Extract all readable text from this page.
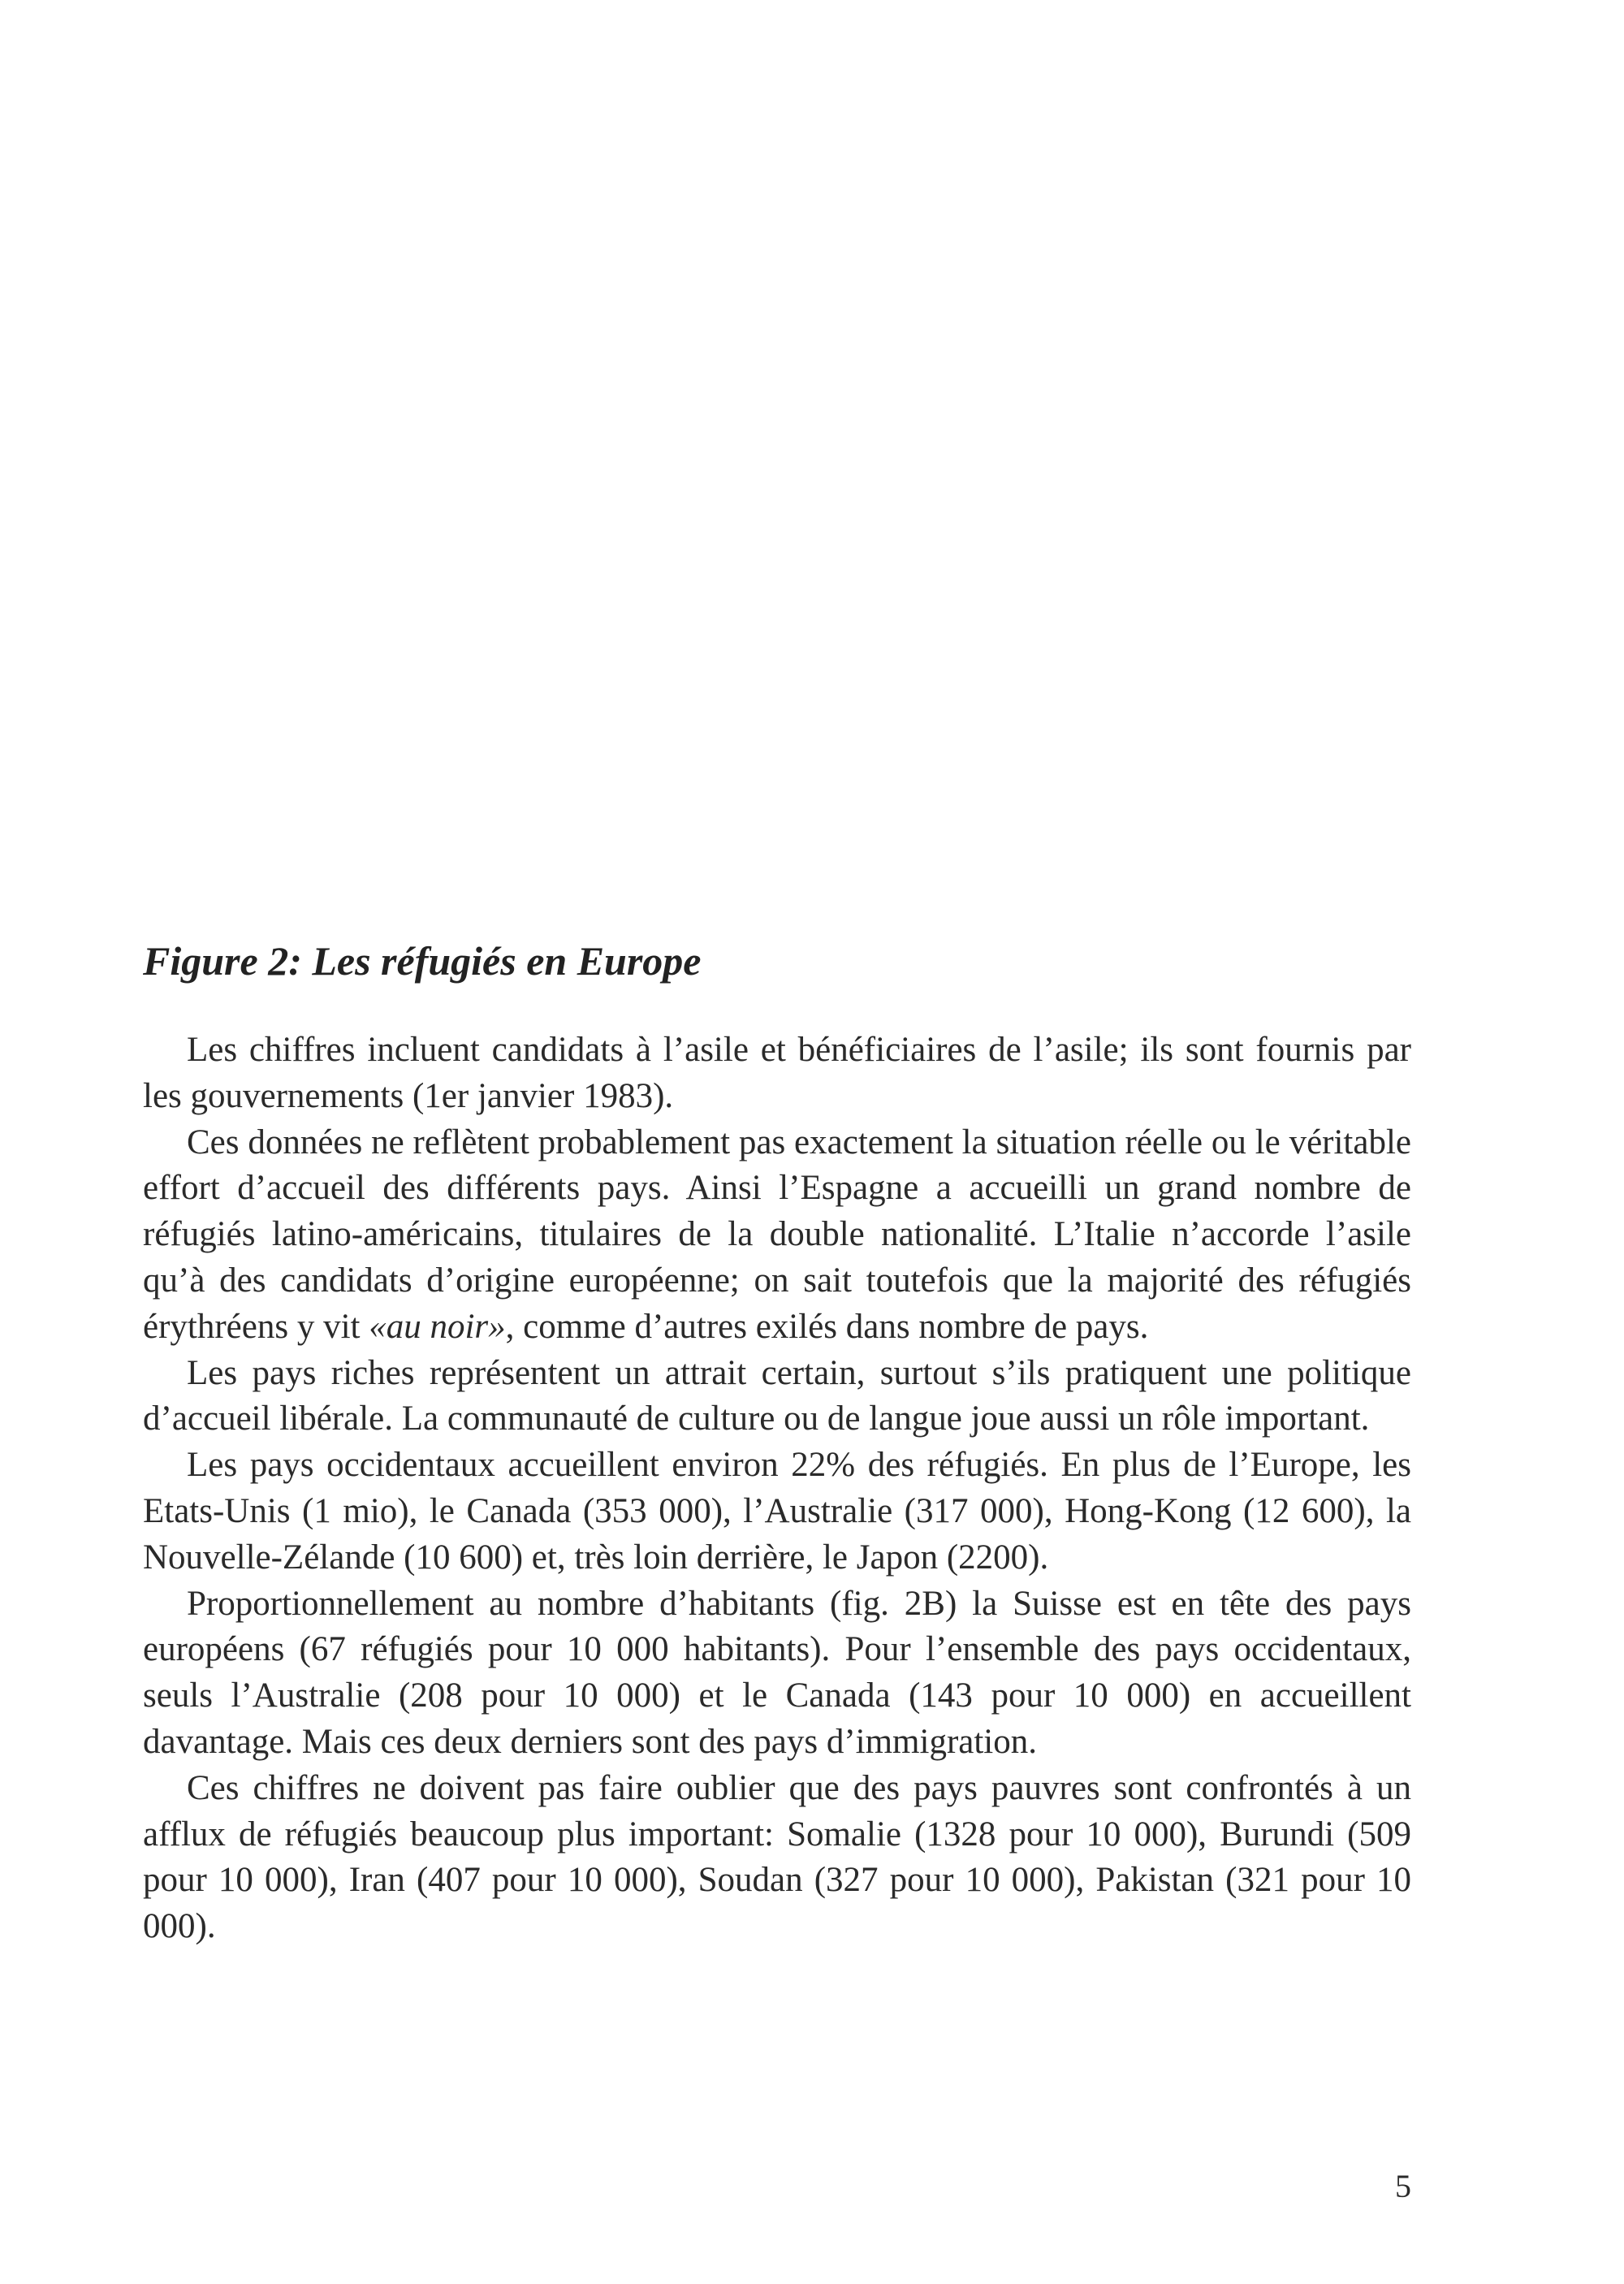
Figure 2: Les réfugiés en Europe

Les chiffres incluent candidats à l’asile et bénéficiaires de l’asile; ils sont fournis par les gouvernements (1er janvier 1983).

Ces données ne reflètent probablement pas exactement la situation réelle ou le véritable effort d’accueil des différents pays. Ainsi l’Espagne a accueilli un grand nombre de réfugiés latino-américains, titulaires de la double nationalité. L’Italie n’accorde l’asile qu’à des candidats d’origine européenne; on sait toutefois que la majorité des réfugiés érythréens y vit «au noir», comme d’autres exilés dans nombre de pays.

Les pays riches représentent un attrait certain, surtout s’ils pratiquent une politique d’accueil libérale. La communauté de culture ou de langue joue aussi un rôle important.

Les pays occidentaux accueillent environ 22% des réfugiés. En plus de l’Europe, les Etats-Unis (1 mio), le Canada (353 000), l’Australie (317 000), Hong-Kong (12 600), la Nouvelle-Zélande (10 600) et, très loin derrière, le Japon (2200).

Proportionnellement au nombre d’habitants (fig. 2B) la Suisse est en tête des pays européens (67 réfugiés pour 10 000 habitants). Pour l’ensemble des pays occidentaux, seuls l’Australie (208 pour 10 000) et le Canada (143 pour 10 000) en accueillent davantage. Mais ces deux derniers sont des pays d’immigration.

Ces chiffres ne doivent pas faire oublier que des pays pauvres sont confrontés à un afflux de réfugiés beaucoup plus important: Somalie (1328 pour 10 000), Burundi (509 pour 10 000), Iran (407 pour 10 000), Soudan (327 pour 10 000), Pakistan (321 pour 10 000).

5
